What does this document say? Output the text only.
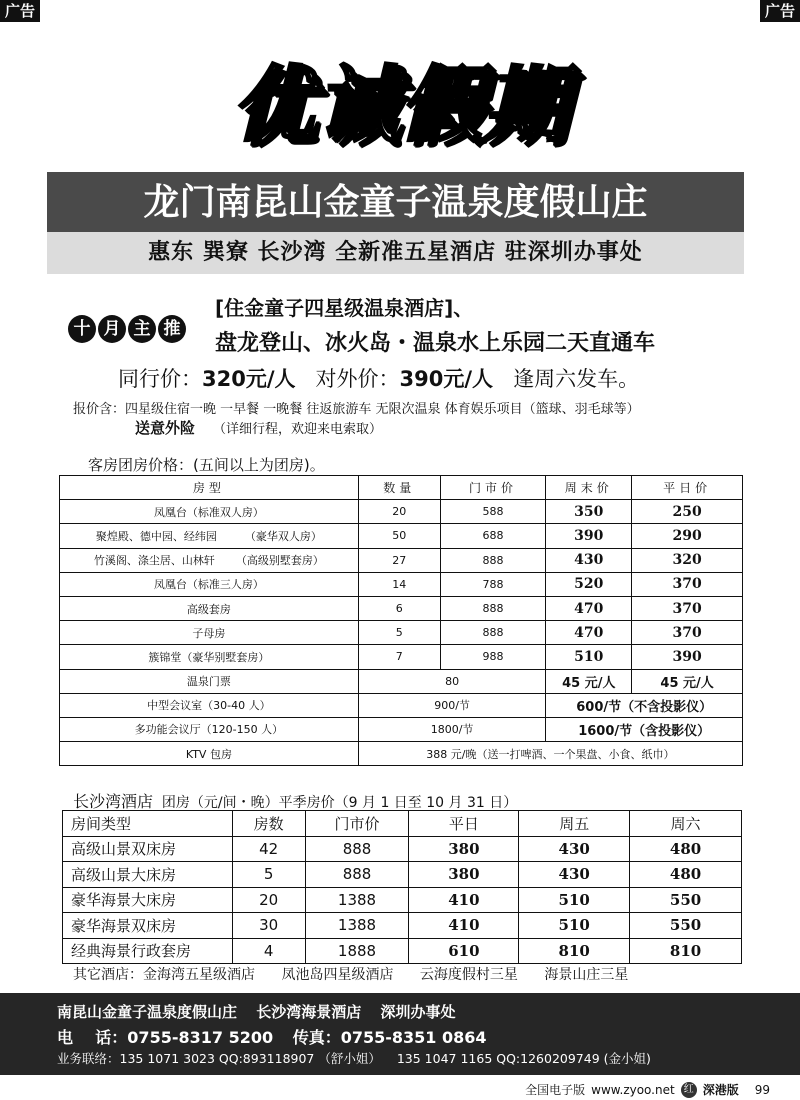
广告	广告
优诚假期
龙门南昆山金童子温泉度假山庄
惠东 巽寮 长沙湾 全新准五星酒店 驻深圳办事处
十 月 主 推
[住金童子四星级温泉酒店]、
盘龙登山、冰火岛・温泉水上乐园二天直通车
同行价：320元/人 对外价：390元/人 逢周六发车。
报价含：四星级住宿一晚 一早餐 一晚餐 往返旅游车 无限次温泉 体育娱乐项目（篮球、羽毛球等）
送意外险 （详细行程，欢迎来电索取）
客房团房价格：(五间以上为团房)。
房型	数量	门市价	周末价	平日价
凤凰台（标准双人房）	20	588	350	250
聚煌殿、德中园、经纬园        （豪华双人房）	50	688	390	290
竹溪阁、涤尘居、山林轩      （高级别墅套房）	27	888	430	320
凤凰台（标准三人房）	14	788	520	370
高级套房	6	888	470	370
子母房	5	888	470	370
簇锦堂（豪华别墅套房）	7	988	510	390
温泉门票	80		45 元/人	45 元/人
中型会议室（30-40 人）	900/节		600/节（不含投影仪）	
多功能会议厅（120-150 人）	1800/节		1600/节（含投影仪）	
KTV 包房	388 元/晚（送一打啤酒、一个果盘、小食、纸巾）			
长沙湾酒店 团房（元/间・晚）平季房价（9 月 1 日至 10 月 31 日）
房间类型	房数	门市价	平日	周五	周六
高级山景双床房	42	888	380	430	480
高级山景大床房	5	888	380	430	480
豪华海景大床房	20	1388	410	510	550
豪华海景双床房	30	1388	410	510	550
经典海景行政套房	4	1888	610	810	810
其它酒店：金海湾五星级酒店 凤池岛四星级酒店 云海度假村三星 海景山庄三星
南昆山金童子温泉度假山庄 长沙湾海景酒店 深圳办事处
电    话：0755-8317 5200 传真：0755-8351 0864
业务联络：135 1071 3023 QQ:893118907 （舒小姐） 135 1047 1165 QQ:1260209749 (金小姐)
全国电子版 www.zyoo.net 红 深港版 99
